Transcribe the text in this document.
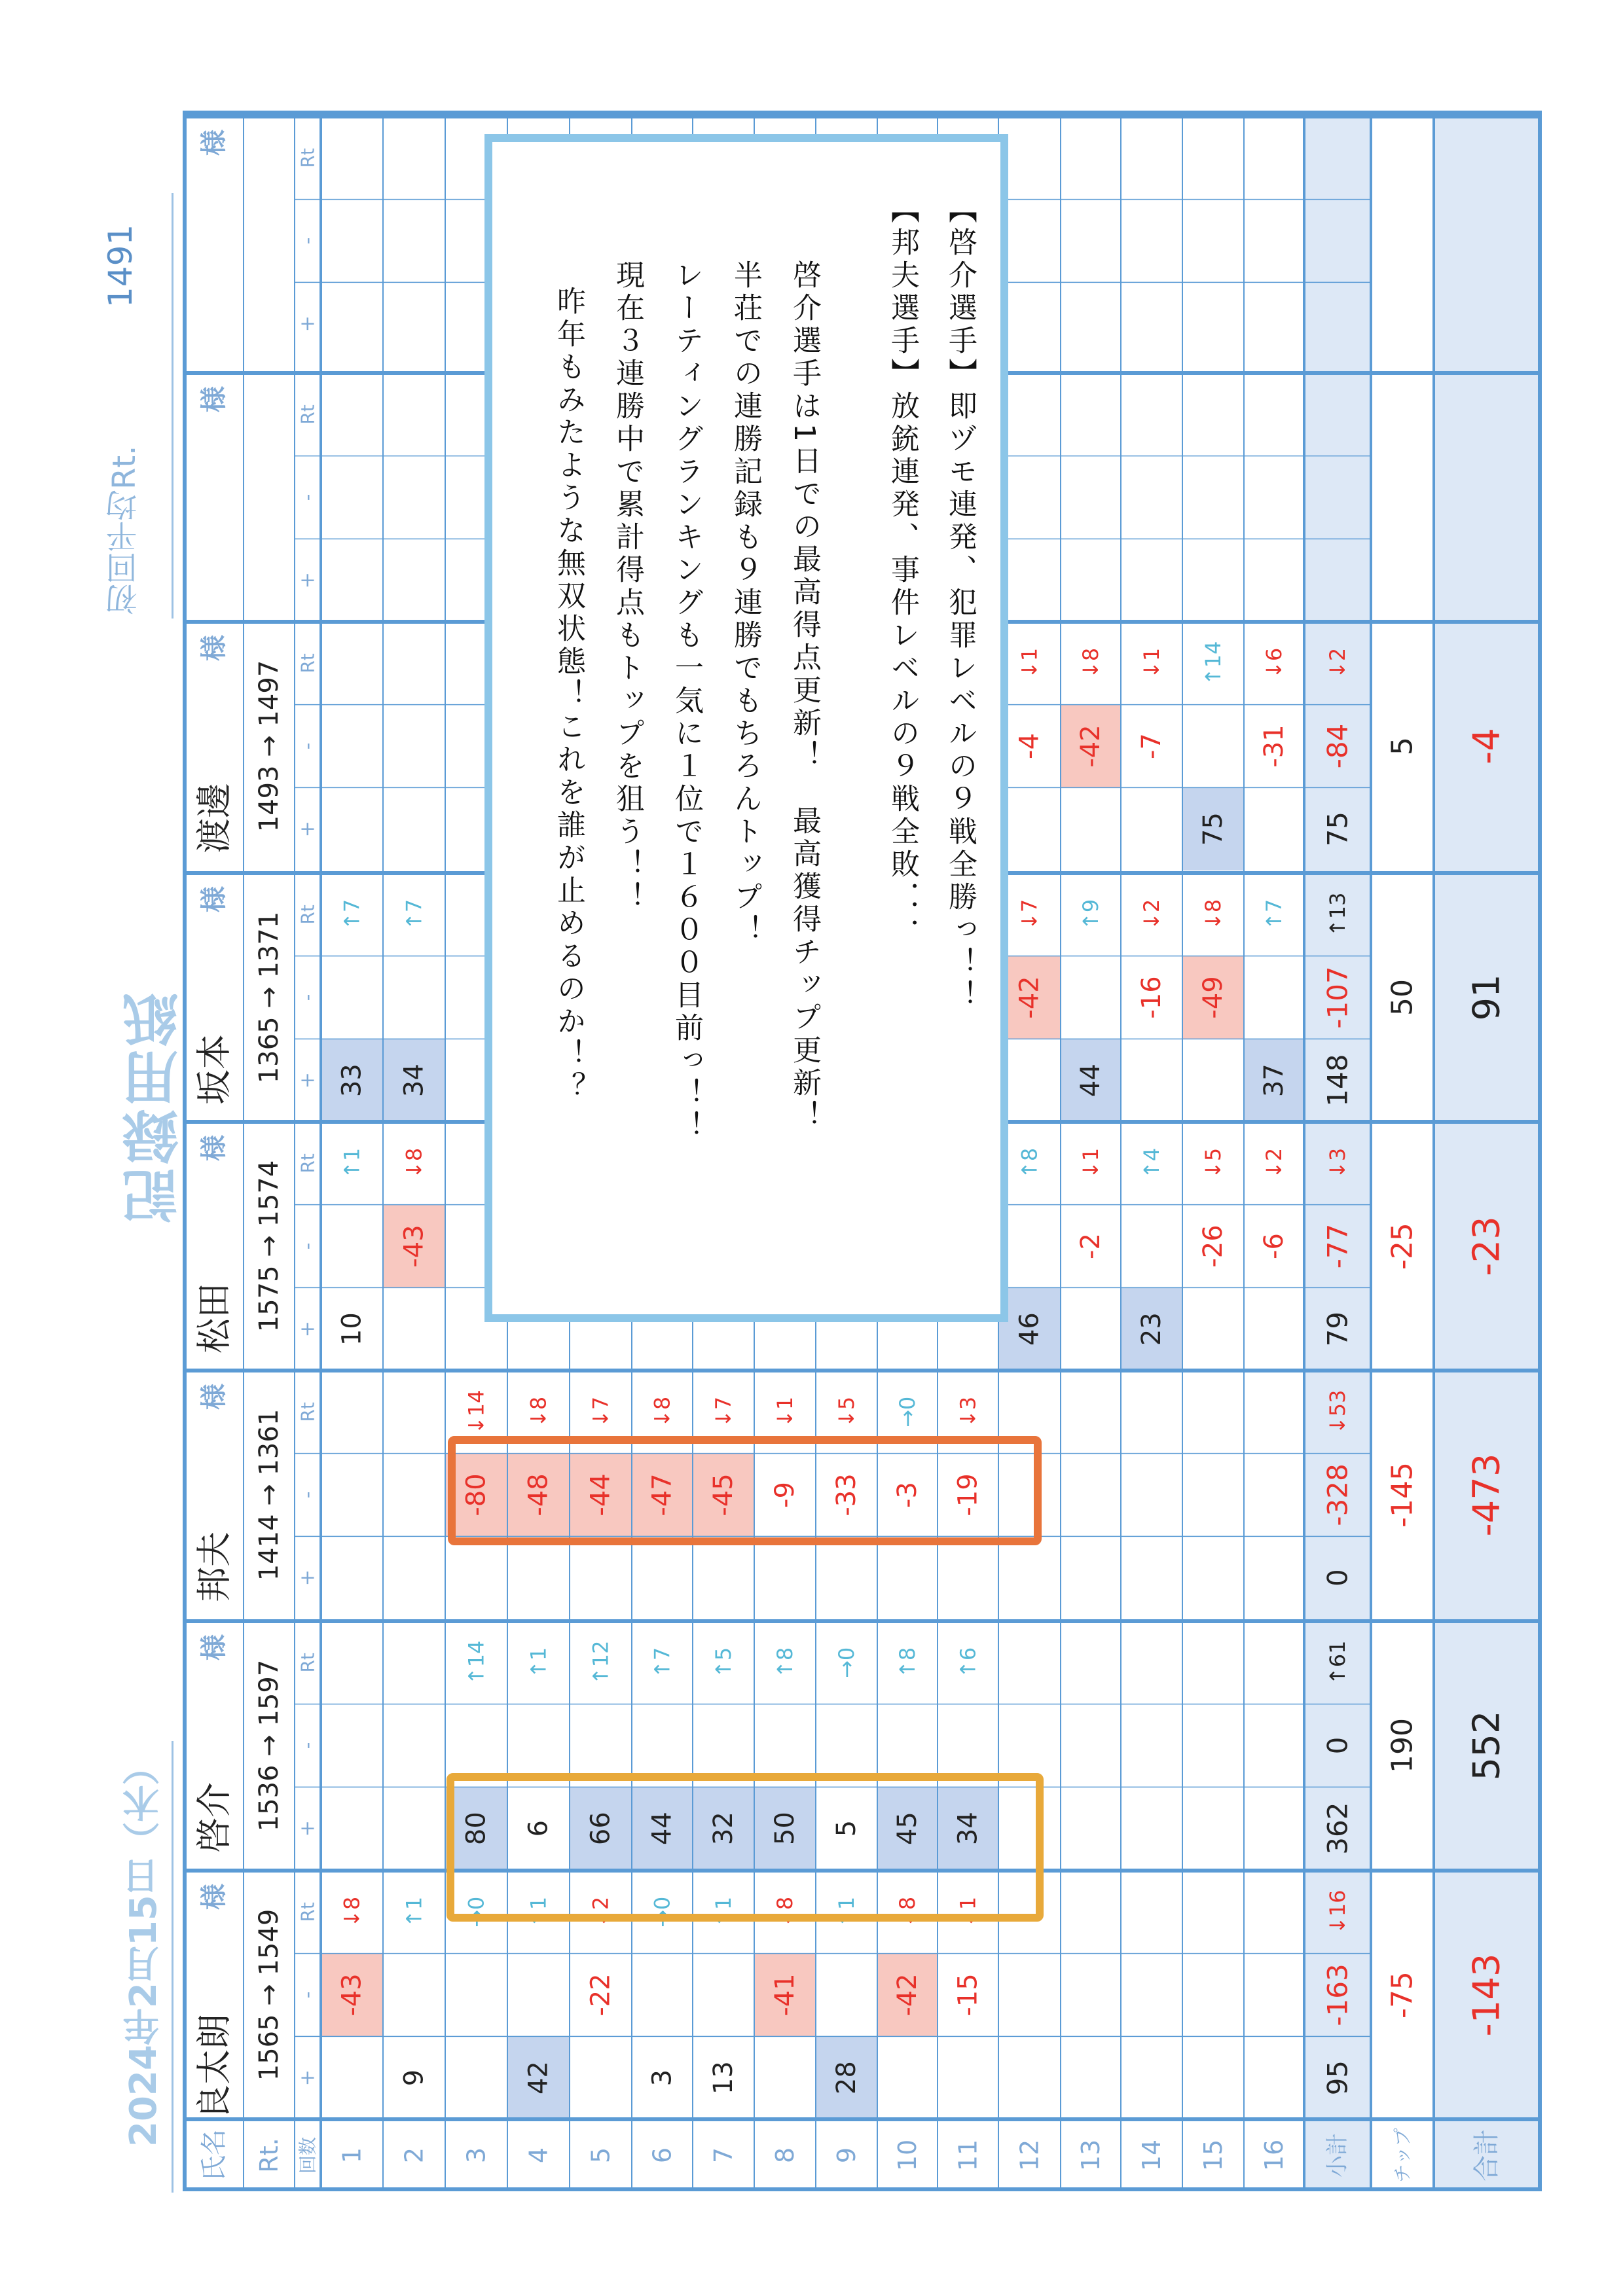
記録用紙
2024年2月15日（木）
初回平均Rt.
1491
良太朗
様
1565 → 1549 +
-
Rt
-43
↓8
9
↑1 →0
42
↑1
-22
↓2
3
→0
13
↑1
-41
↓8
28
↑1
-42
↓8
-15
↓1
95
-163
↓16
-75 -143
啓介
様
1536 → 1597 +
-
Rt
80
↑14
6
↑1
66
↑12
44
↑7
32
↑5
50
↑8
5
→0
45
↑8
34
↑6
362
0
↑61
190 552
邦夫
様
1414 → 1361 +
-
Rt
-80
↓14
-48
↓8
-44
↓7
-47
↓8
-45
↓7
-9
↓1
-33
↓5
-3
→0
-19
↓3
0
-328
↓53
-145 -473
松田
様
1575 → 1574 +
-
Rt
10
↑1
-43
↓8
46
↑8
-2
↓1
23
↑4
-26
↓5
-6
↓2
79
-77
↓3
-25 -23
坂本
様
1365 → 1371 +
-
Rt
33
↑7
34
↑7
-42
↓7
44
↑9
-16
↓2
-49
↓8
37
↑7
148
-107
↑13
50 91
渡邊
様
1493 → 1497 +
-
Rt
-4
↓1
-42
↓8
-7
↓1
75
↑14
-31
↓6
75
-84
↓2
5 -4
様
+
-
Rt
様
+
-
Rt
氏名 Rt. 回数 1 2 3 4 5 6 7 8 9 10 11 12 13 14 15 16 小計 チップ 合計
【啓介選手】
即ヅモ連発、犯罪レベルの９戦全勝っ！！
【邦夫選手】
放銃連発、事件レベルの９戦全敗．．．
啓介選手は1日での最高得点更新！　最高獲得チップ更新！
半荘での連勝記録も９連勝でもちろんトップ！
レーティングランキングも一気に１位で１６００目前っ！！
現在３連勝中で累計得点もトップを狙う！！
昨年もみたような無双状態！これを誰が止めるのか！？
